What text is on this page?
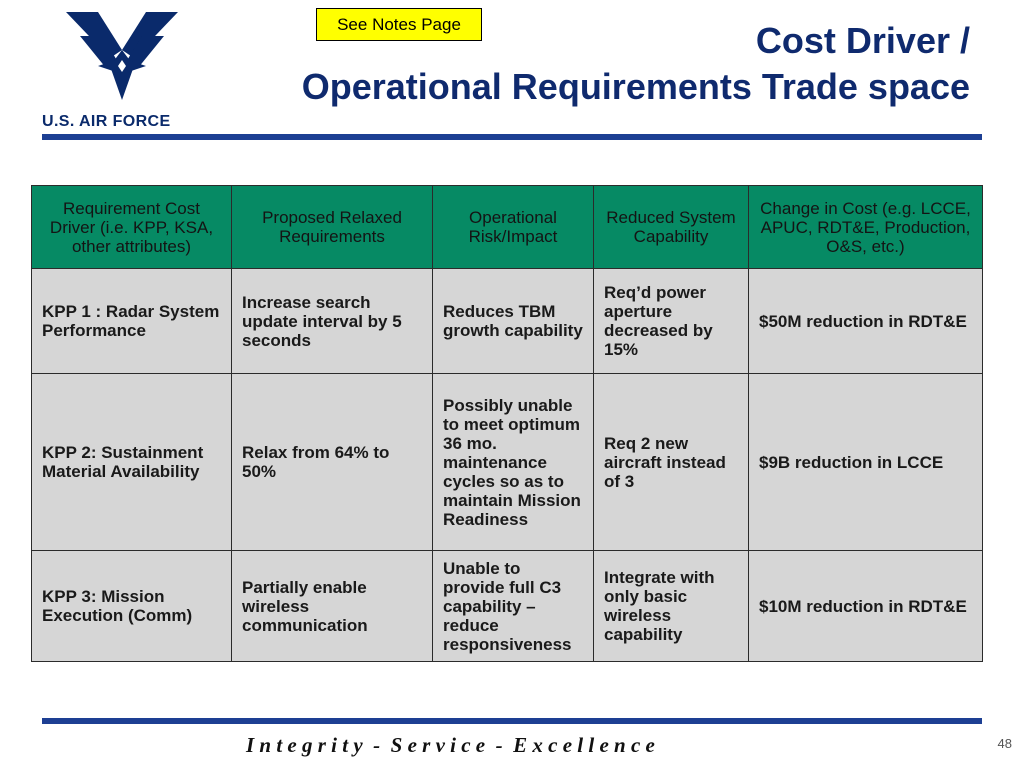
U.S. AIR FORCE
See Notes Page	Cost Driver /
Operational Requirements Trade space
Requirement Cost Driver (i.e. KPP, KSA, other attributes)	Proposed Relaxed Requirements	Operational Risk/Impact	Reduced System Capability	Change in Cost (e.g. LCCE, APUC, RDT&E, Production, O&S, etc.)
KPP 1 : Radar System Performance	Increase search update interval by 5 seconds	Reduces TBM growth capability	Req’d power aperture decreased by 15%	$50M reduction in RDT&E
KPP 2: Sustainment Material Availability	Relax from 64% to 50%	Possibly unable to meet optimum 36 mo. maintenance cycles so as to maintain Mission Readiness	Req 2 new aircraft instead of 3	$9B reduction in LCCE
KPP 3: Mission Execution (Comm)	Partially enable wireless communication	Unable to provide full C3 capability – reduce responsiveness	Integrate with only basic wireless capability	$10M reduction in RDT&E
I n t e g r i t y  -  S e r v i c e  -  E x c e l l e n c e	48
